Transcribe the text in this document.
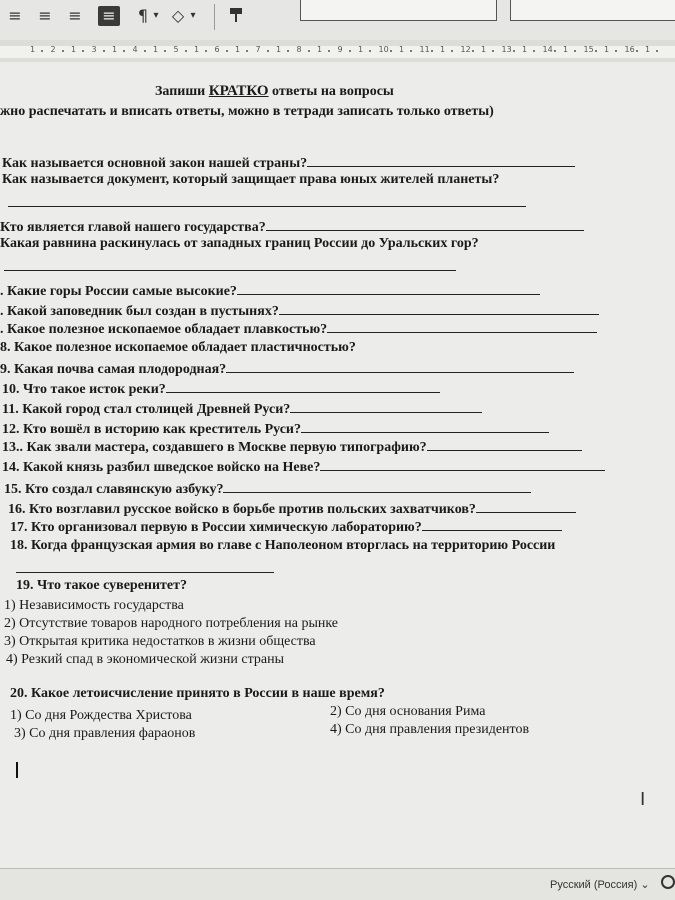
≡ ≡ ≡ ≡ ¶ ▾ ◇ ▾
1 2 1 3 1 4 1 5 1 6 1 7 1 8 1 9 1 10 1 11 1 12 1 13 1 14 1 15 1 16 1
Запиши КРАТКО ответы на вопросы
жно распечатать и вписать ответы, можно в тетради записать только ответы)
Как называется основной закон нашей страны?
Как называется документ, который защищает права юных жителей планеты?
Кто является главой нашего государства?
Какая равнина раскинулась от западных границ России до Уральских гор?
. Какие горы России самые высокие?
. Какой заповедник был создан в пустынях?
. Какое полезное ископаемое обладает плавкостью?
8. Какое полезное ископаемое обладает пластичностью?
9. Какая почва самая плодородная?
10. Что такое исток реки?
11. Какой город стал столицей Древней Руси?
12. Кто вошёл в историю как креститель Руси?
13.. Как звали мастера, создавшего в Москве первую типографию?
14. Какой князь разбил шведское войско на Неве?
15. Кто создал славянскую азбуку?
16. Кто возглавил русское войско в борьбе против польских захватчиков?
17. Кто организовал первую в России химическую лабораторию?
18. Когда французская армия во главе с Наполеоном вторглась на территорию России
19. Что такое суверенитет?
1) Независимость государства
2) Отсутствие товаров народного потребления на рынке
3) Открытая критика недостатков в жизни общества
4) Резкий спад в экономической жизни страны
20. Какое летоисчисление принято в России в наше время?
1) Со дня Рождества Христова	2) Со дня основания Рима
3) Со дня правления фараонов	4) Со дня правления президентов
I
Русский (Россия) ⌄
